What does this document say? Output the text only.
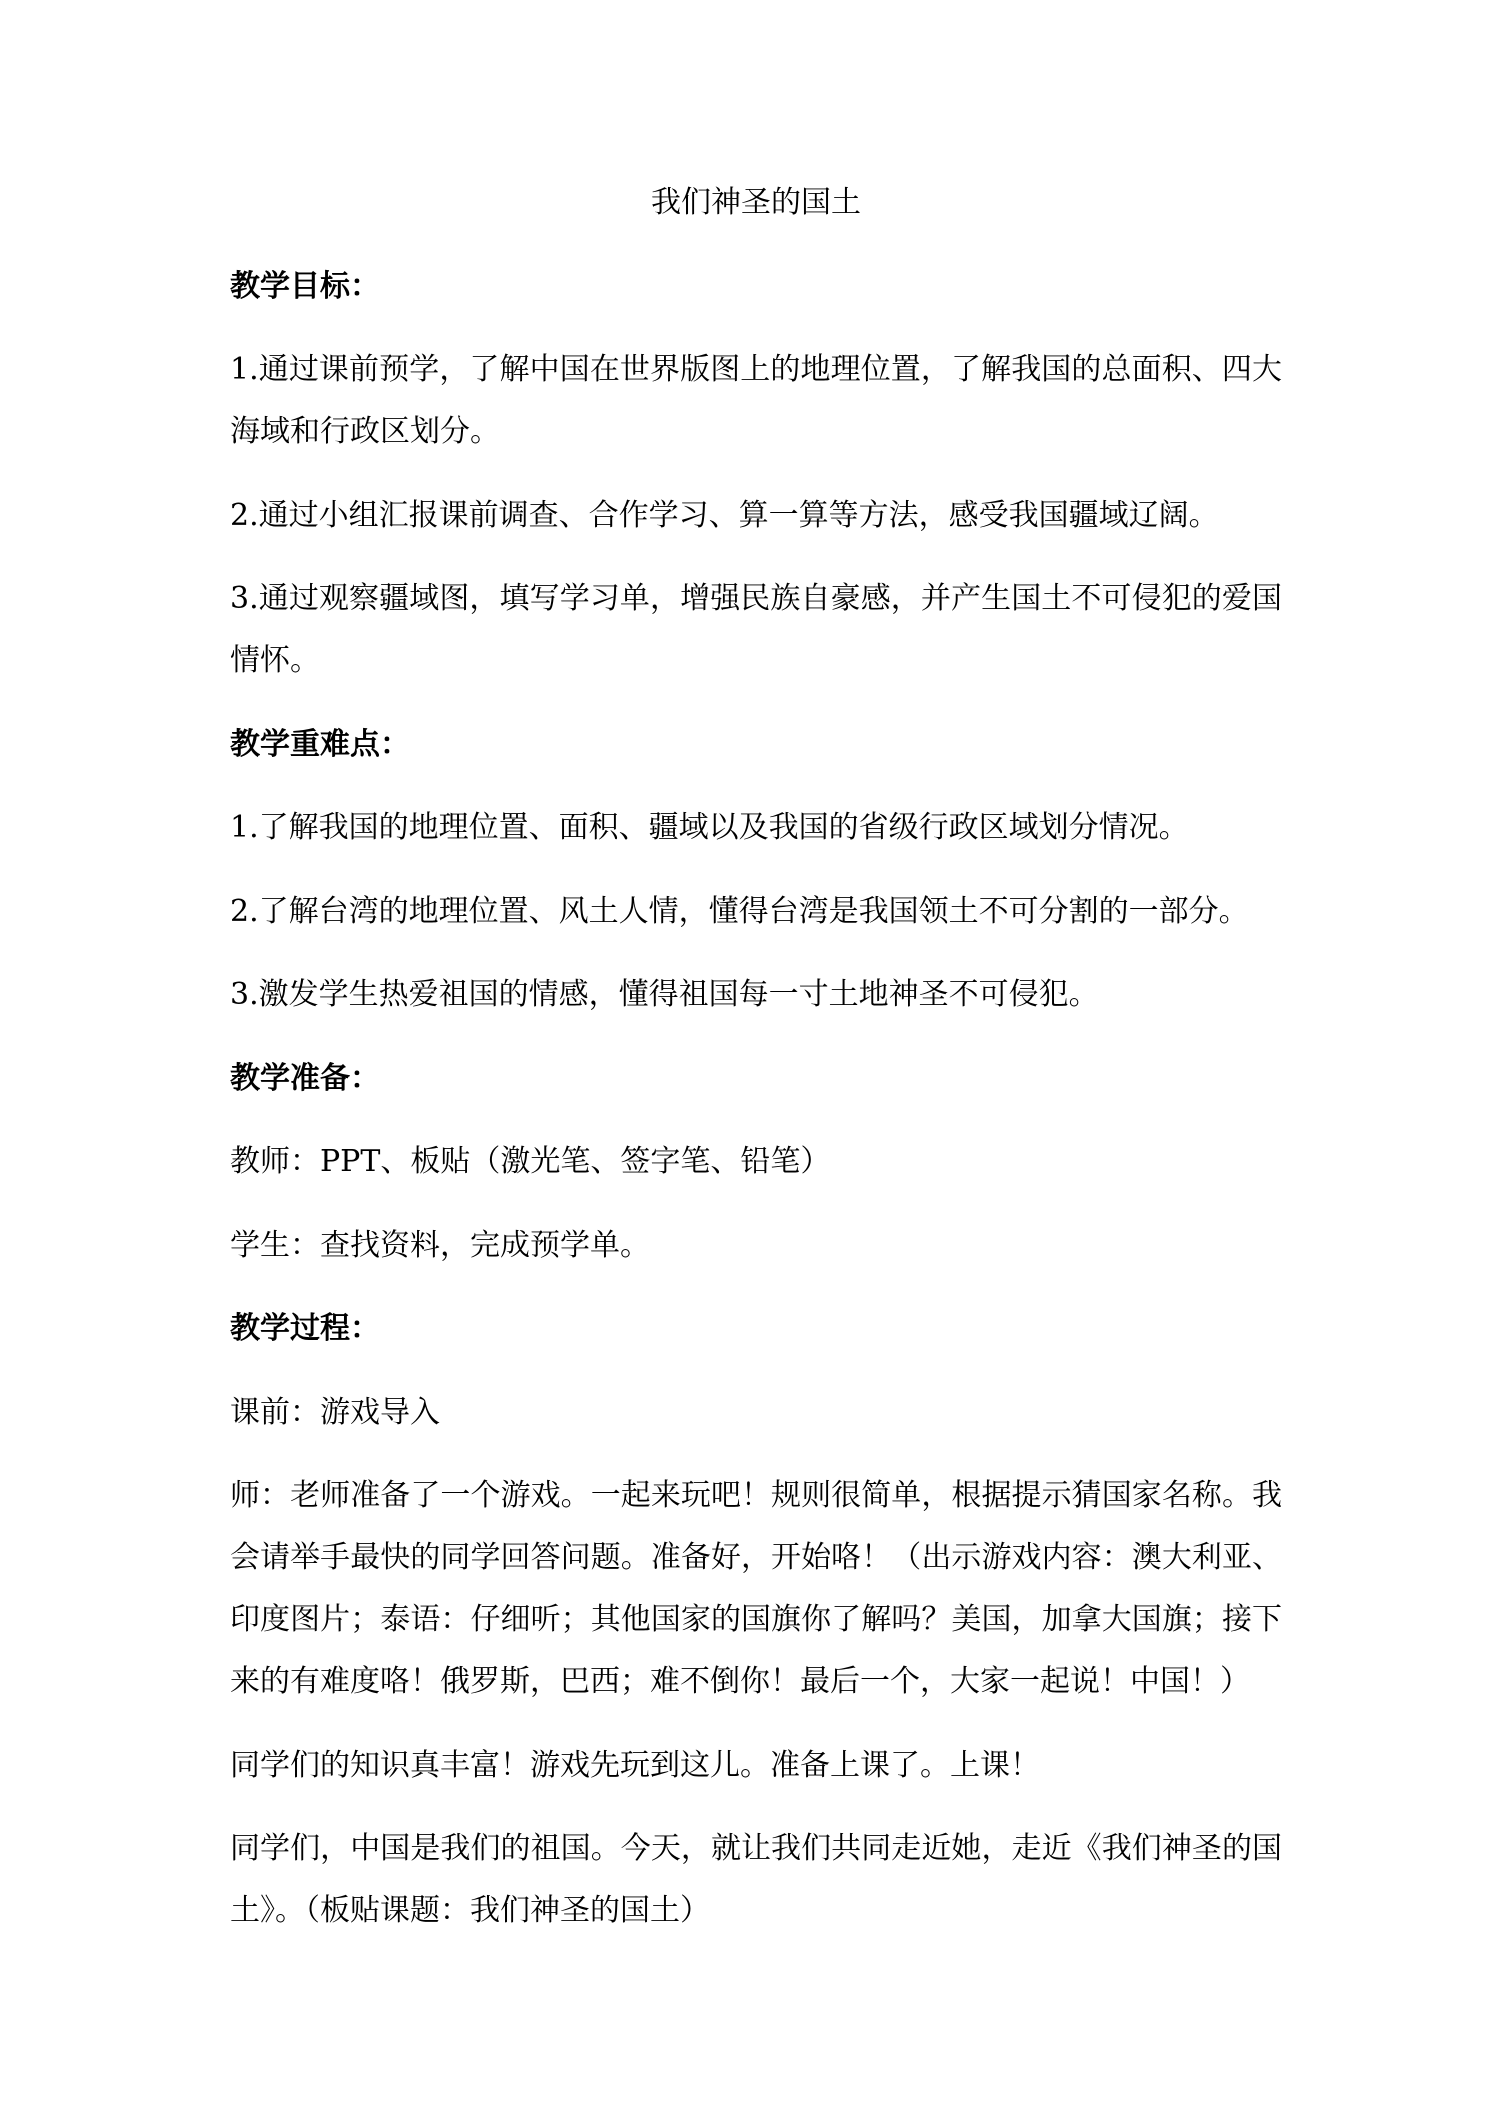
我们神圣的国土
教学目标：

1.通过课前预学，了解中国在世界版图上的地理位置，了解我国的总面积、四大海域和行政区划分。

2.通过小组汇报课前调查、合作学习、算一算等方法，感受我国疆域辽阔。

3.通过观察疆域图，填写学习单，增强民族自豪感，并产生国土不可侵犯的爱国情怀。

教学重难点：

1.了解我国的地理位置、面积、疆域以及我国的省级行政区域划分情况。

2.了解台湾的地理位置、风土人情，懂得台湾是我国领土不可分割的一部分。

3.激发学生热爱祖国的情感，懂得祖国每一寸土地神圣不可侵犯。

教学准备：

教师：PPT、板贴（激光笔、签字笔、铅笔）

学生：查找资料，完成预学单。

教学过程：

课前：游戏导入

师：老师准备了一个游戏。一起来玩吧！规则很简单，根据提示猜国家名称。我会请举手最快的同学回答问题。准备好，开始咯！（出示游戏内容：澳大利亚、印度图片；泰语：仔细听；其他国家的国旗你了解吗？美国，加拿大国旗；接下来的有难度咯！俄罗斯，巴西；难不倒你！最后一个，大家一起说！中国！）

同学们的知识真丰富！游戏先玩到这儿。准备上课了。上课！

同学们，中国是我们的祖国。今天，就让我们共同走近她，走近《我们神圣的国土》。（板贴课题：我们神圣的国土）
